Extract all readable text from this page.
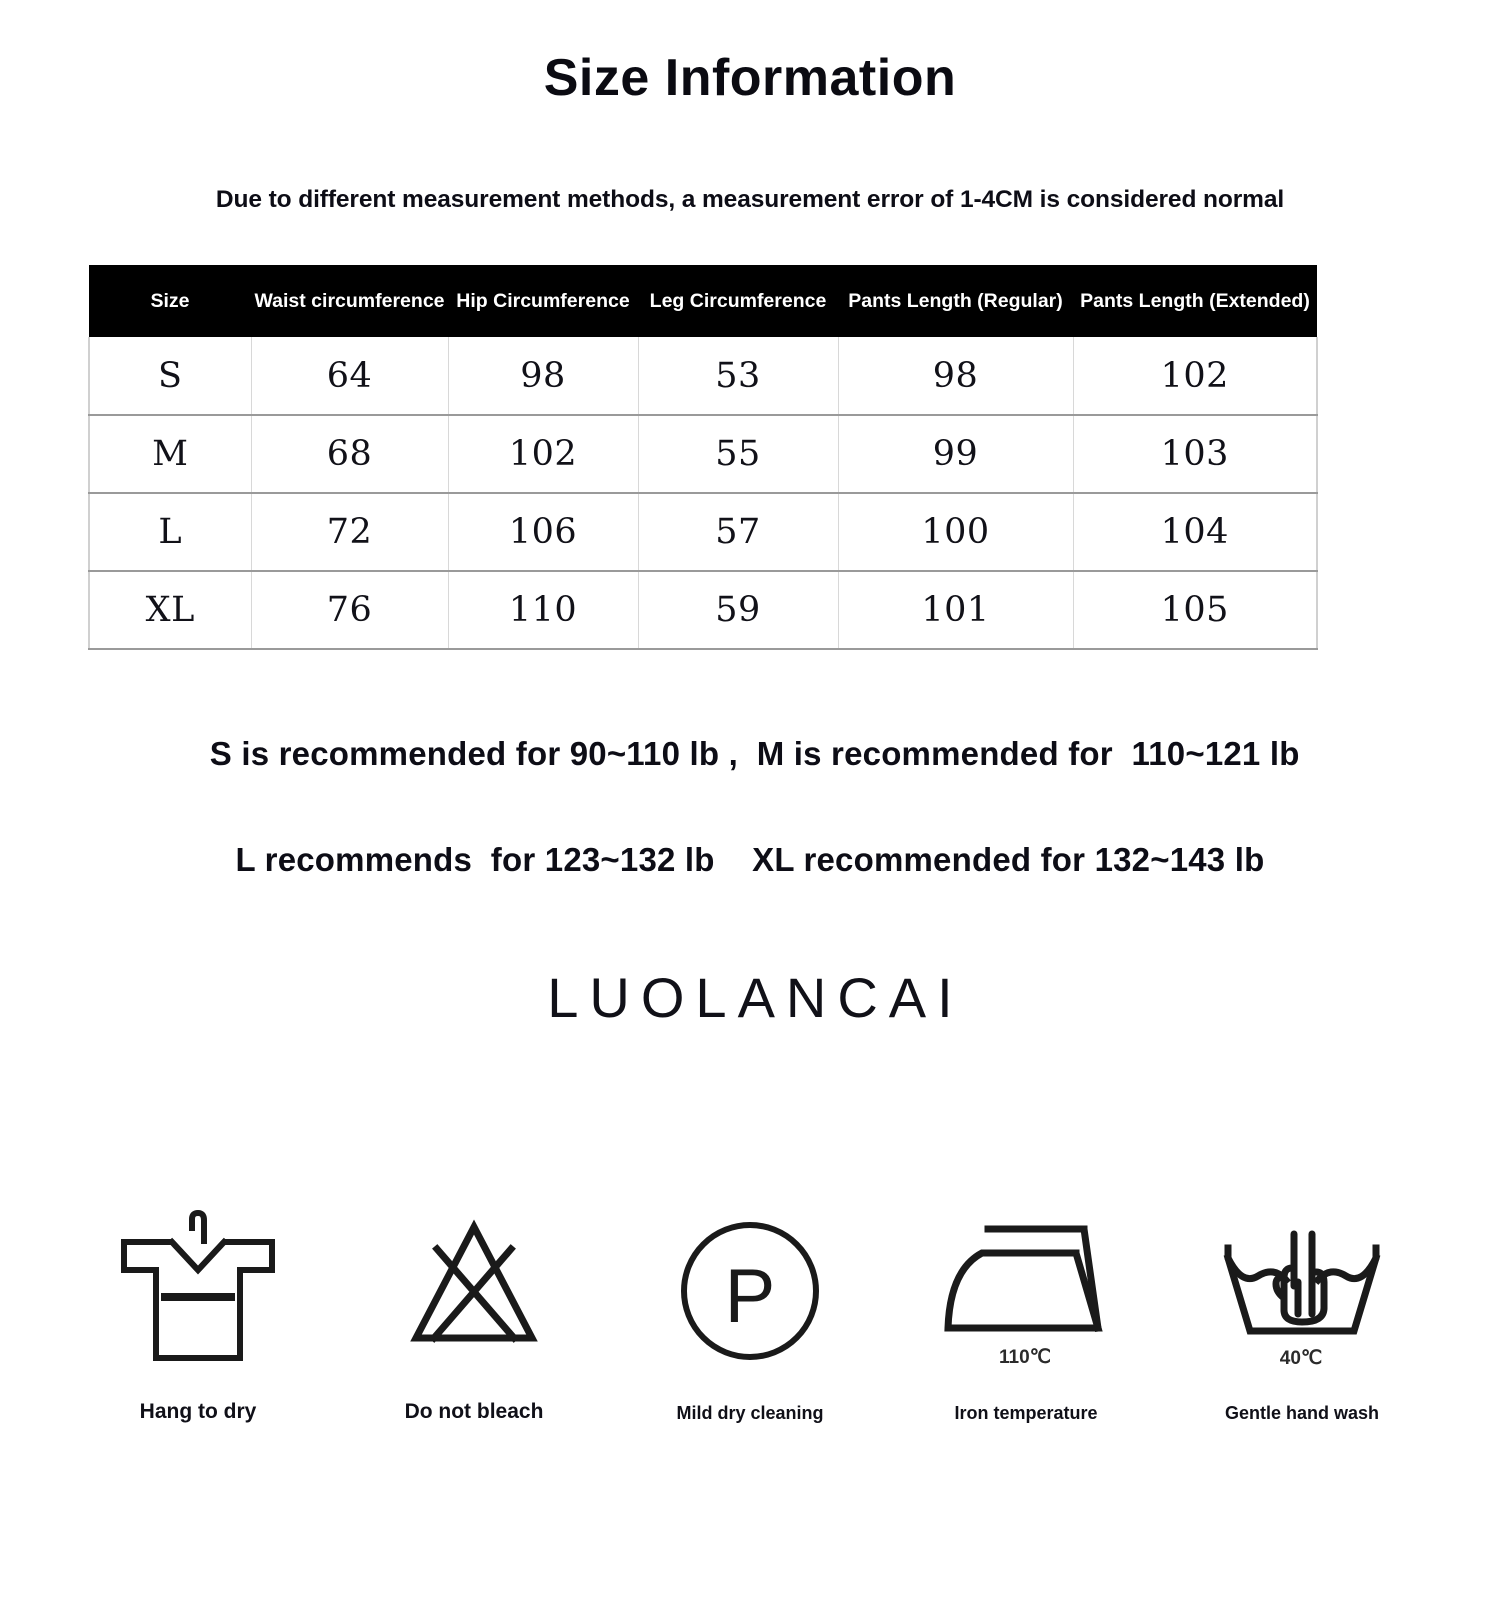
Size Information

Due to different measurement methods, a measurement error of 1-4CM is considered normal

Size	Waist circumference	Hip Circumference	Leg Circumference	Pants Length (Regular)	Pants Length (Extended)
S	64	98	53	98	102
M	68	102	55	99	103
L	72	106	57	100	104
XL	76	110	59	101	105
S is recommended for 90~110 lb ,  M is recommended for  110~121 lb
L recommends  for 123~132 lb    XL recommended for 132~143 lb
LUOLANCAI
Hang to dry	Do not bleach
P
Mild dry cleaning
110℃
Iron temperature
40℃
Gentle hand wash
